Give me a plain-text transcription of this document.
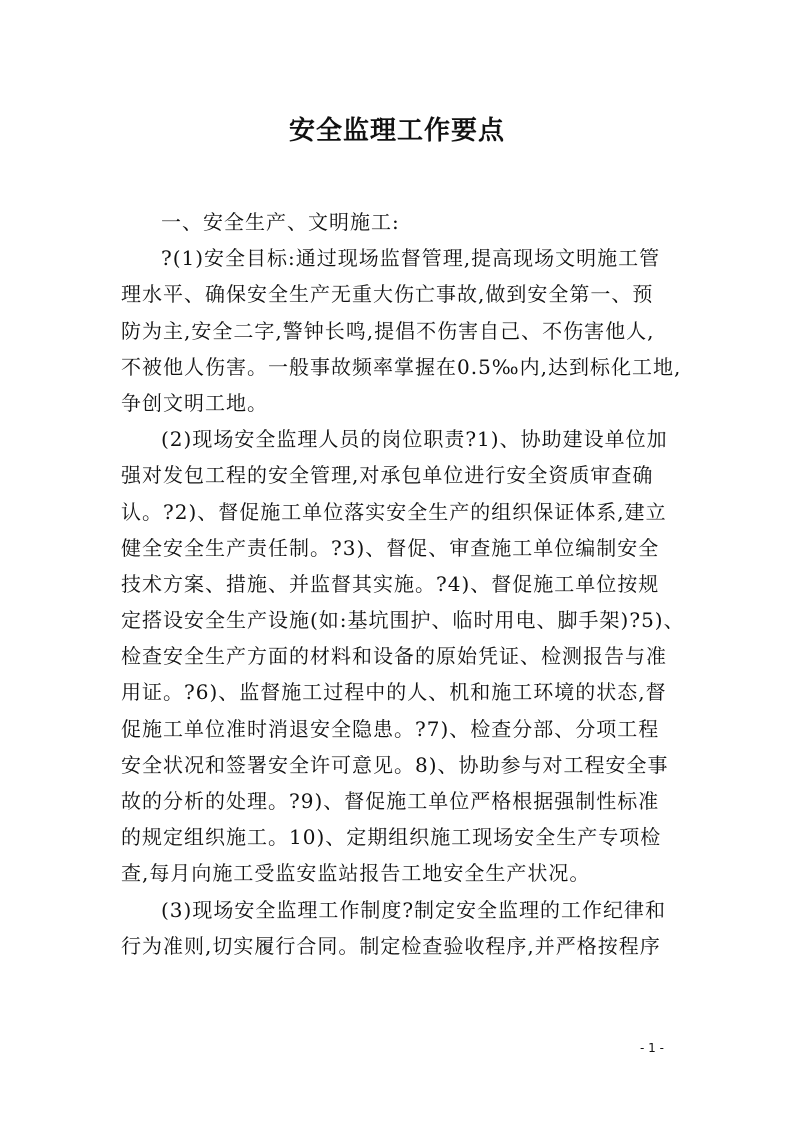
安全监理工作要点
一、安全生产、文明施工:
?(1)安全目标:通过现场监督管理,提高现场文明施工管
理水平、确保安全生产无重大伤亡事故,做到安全第一、预
防为主,安全二字,警钟长鸣,提倡不伤害自己、不伤害他人,
不被他人伤害。一般事故频率掌握在0.5‰内,达到标化工地,
争创文明工地。
(2)现场安全监理人员的岗位职责?1)、协助建设单位加
强对发包工程的安全管理,对承包单位进行安全资质审查确
认。?2)、督促施工单位落实安全生产的组织保证体系,建立
健全安全生产责任制。?3)、督促、审查施工单位编制安全
技术方案、措施、并监督其实施。?4)、督促施工单位按规
定搭设安全生产设施(如:基坑围护、临时用电、脚手架)?5)、
检查安全生产方面的材料和设备的原始凭证、检测报告与准
用证。?6)、监督施工过程中的人、机和施工环境的状态,督
促施工单位准时消退安全隐患。?7)、检查分部、分项工程
安全状况和签署安全许可意见。8)、协助参与对工程安全事
故的分析的处理。?9)、督促施工单位严格根据强制性标准
的规定组织施工。10)、定期组织施工现场安全生产专项检
查,每月向施工受监安监站报告工地安全生产状况。
(3)现场安全监理工作制度?制定安全监理的工作纪律和
行为准则,切实履行合同。制定检查验收程序,并严格按程序
- 1 -
